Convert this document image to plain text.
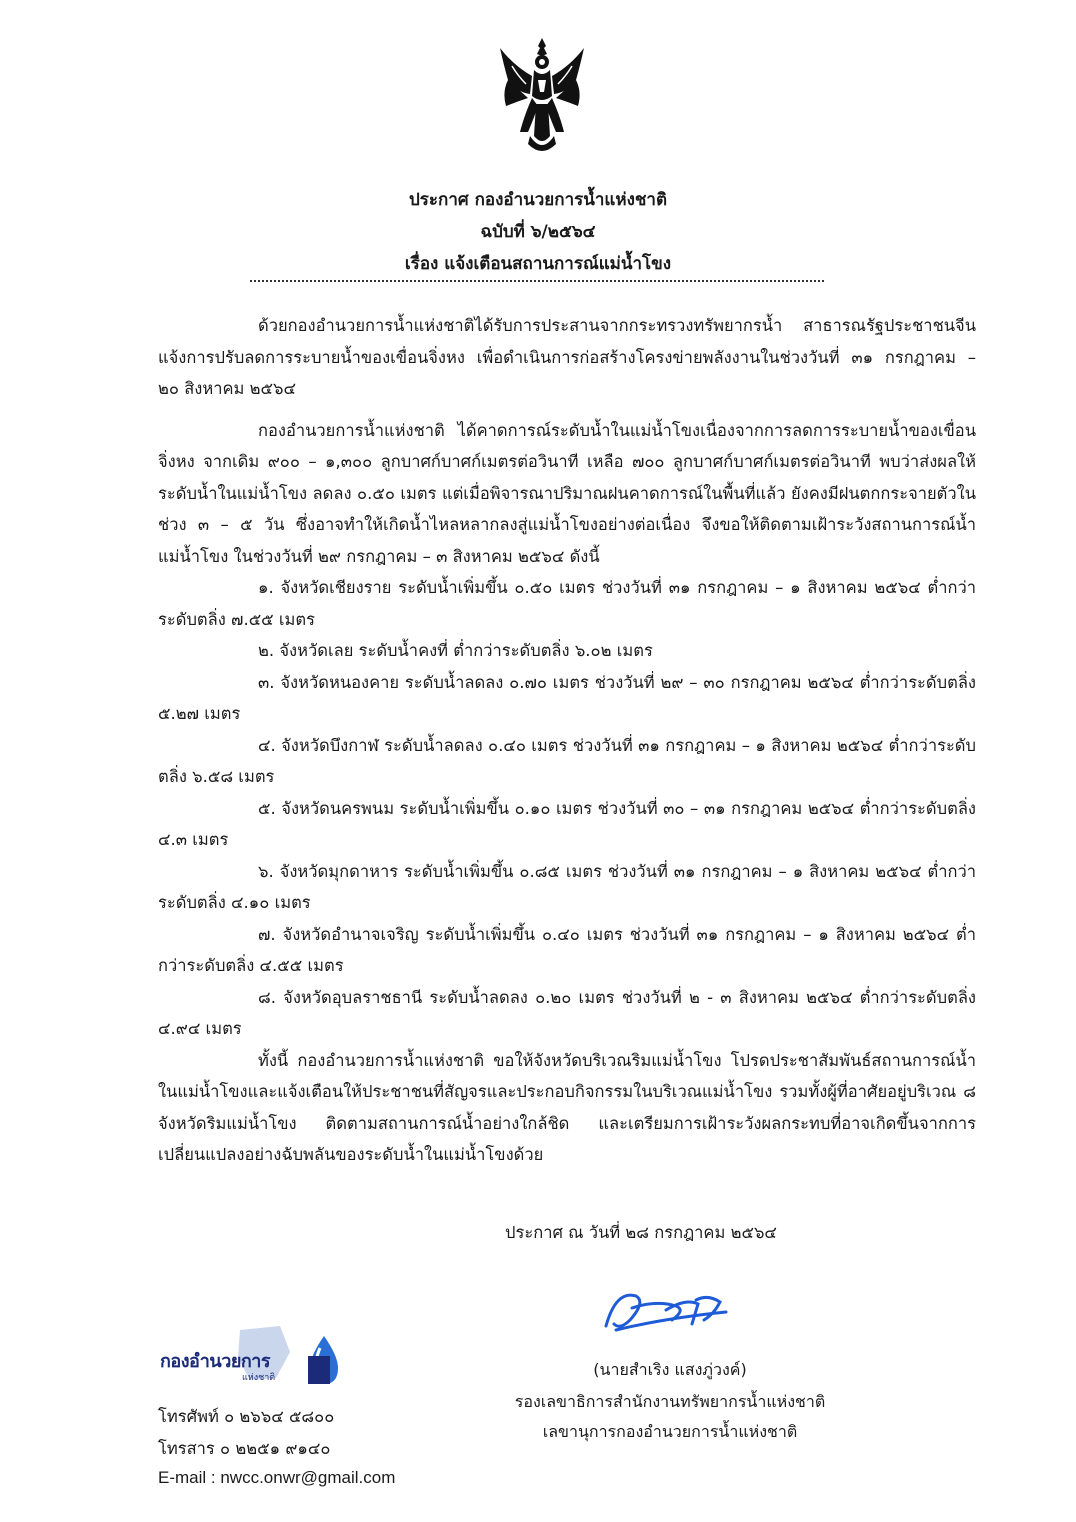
ประกาศ กองอำนวยการน้ำแห่งชาติ
ฉบับที่ ๖/๒๕๖๔
เรื่อง แจ้งเตือนสถานการณ์แม่น้ำโขง

ด้วยกองอำนวยการน้ำแห่งชาติได้รับการประสานจากกระทรวงทรัพยากรน้ำ สาธารณรัฐประชาชนจีนแจ้งการปรับลดการระบายน้ำของเขื่อนจิ่งหง เพื่อดำเนินการก่อสร้างโครงข่ายพลังงานในช่วงวันที่ ๓๑ กรกฎาคม – ๒๐ สิงหาคม ๒๕๖๔

กองอำนวยการน้ำแห่งชาติ ได้คาดการณ์ระดับน้ำในแม่น้ำโขงเนื่องจากการลดการระบายน้ำของเขื่อนจิ่งหง จากเดิม ๙๐๐ – ๑,๓๐๐ ลูกบาศก์บาศก์เมตรต่อวินาที เหลือ ๗๐๐ ลูกบาศก์บาศก์เมตรต่อวินาที พบว่าส่งผลให้ระดับน้ำในแม่น้ำโขง ลดลง ๐.๕๐ เมตร แต่เมื่อพิจารณาปริมาณฝนคาดการณ์ในพื้นที่แล้ว ยังคงมีฝนตกกระจายตัวในช่วง ๓ – ๕ วัน ซึ่งอาจทำให้เกิดน้ำไหลหลากลงสู่แม่น้ำโขงอย่างต่อเนื่อง จึงขอให้ติดตามเฝ้าระวังสถานการณ์น้ำแม่น้ำโขง ในช่วงวันที่ ๒๙ กรกฎาคม – ๓ สิงหาคม ๒๕๖๔ ดังนี้

๑. จังหวัดเชียงราย ระดับน้ำเพิ่มขึ้น ๐.๕๐ เมตร ช่วงวันที่ ๓๑ กรกฎาคม – ๑ สิงหาคม ๒๕๖๔ ต่ำกว่าระดับตลิ่ง ๗.๕๕ เมตร

๒. จังหวัดเลย ระดับน้ำคงที่ ต่ำกว่าระดับตลิ่ง ๖.๐๒ เมตร

๓. จังหวัดหนองคาย ระดับน้ำลดลง ๐.๗๐ เมตร ช่วงวันที่ ๒๙ – ๓๐ กรกฎาคม ๒๕๖๔ ต่ำกว่าระดับตลิ่ง ๕.๒๗ เมตร

๔. จังหวัดบึงกาฬ ระดับน้ำลดลง ๐.๔๐ เมตร ช่วงวันที่ ๓๑ กรกฎาคม – ๑ สิงหาคม ๒๕๖๔ ต่ำกว่าระดับตลิ่ง ๖.๕๘ เมตร

๕. จังหวัดนครพนม ระดับน้ำเพิ่มขึ้น ๐.๑๐ เมตร ช่วงวันที่ ๓๐ – ๓๑ กรกฎาคม ๒๕๖๔ ต่ำกว่าระดับตลิ่ง ๔.๓ เมตร

๖. จังหวัดมุกดาหาร ระดับน้ำเพิ่มขึ้น ๐.๘๕ เมตร ช่วงวันที่ ๓๑ กรกฎาคม – ๑ สิงหาคม ๒๕๖๔ ต่ำกว่าระดับตลิ่ง ๔.๑๐ เมตร

๗. จังหวัดอำนาจเจริญ ระดับน้ำเพิ่มขึ้น ๐.๔๐ เมตร ช่วงวันที่ ๓๑ กรกฎาคม – ๑ สิงหาคม ๒๕๖๔ ต่ำกว่าระดับตลิ่ง ๔.๕๕ เมตร

๘. จังหวัดอุบลราชธานี ระดับน้ำลดลง ๐.๒๐ เมตร ช่วงวันที่ ๒ - ๓ สิงหาคม ๒๕๖๔ ต่ำกว่าระดับตลิ่ง ๔.๙๔ เมตร

ทั้งนี้ กองอำนวยการน้ำแห่งชาติ ขอให้จังหวัดบริเวณริมแม่น้ำโขง โปรดประชาสัมพันธ์สถานการณ์น้ำในแม่น้ำโขงและแจ้งเตือนให้ประชาชนที่สัญจรและประกอบกิจกรรมในบริเวณแม่น้ำโขง รวมทั้งผู้ที่อาศัยอยู่บริเวณ ๘ จังหวัดริมแม่น้ำโขง ติดตามสถานการณ์น้ำอย่างใกล้ชิด และเตรียมการเฝ้าระวังผลกระทบที่อาจเกิดขึ้นจากการเปลี่ยนแปลงอย่างฉับพลันของระดับน้ำในแม่น้ำโขงด้วย

ประกาศ ณ วันที่ ๒๘ กรกฎาคม ๒๕๖๔
(นายสำเริง แสงภู่วงค์)
รองเลขาธิการสำนักงานทรัพยากรน้ำแห่งชาติ
เลขานุการกองอำนวยการน้ำแห่งชาติ
กองอำนวยการ
แห่งชาติ
โทรศัพท์ ๐ ๒๖๖๔ ๕๘๐๐
โทรสาร ๐ ๒๒๕๑ ๙๑๔๐
E-mail : nwcc.onwr@gmail.com
